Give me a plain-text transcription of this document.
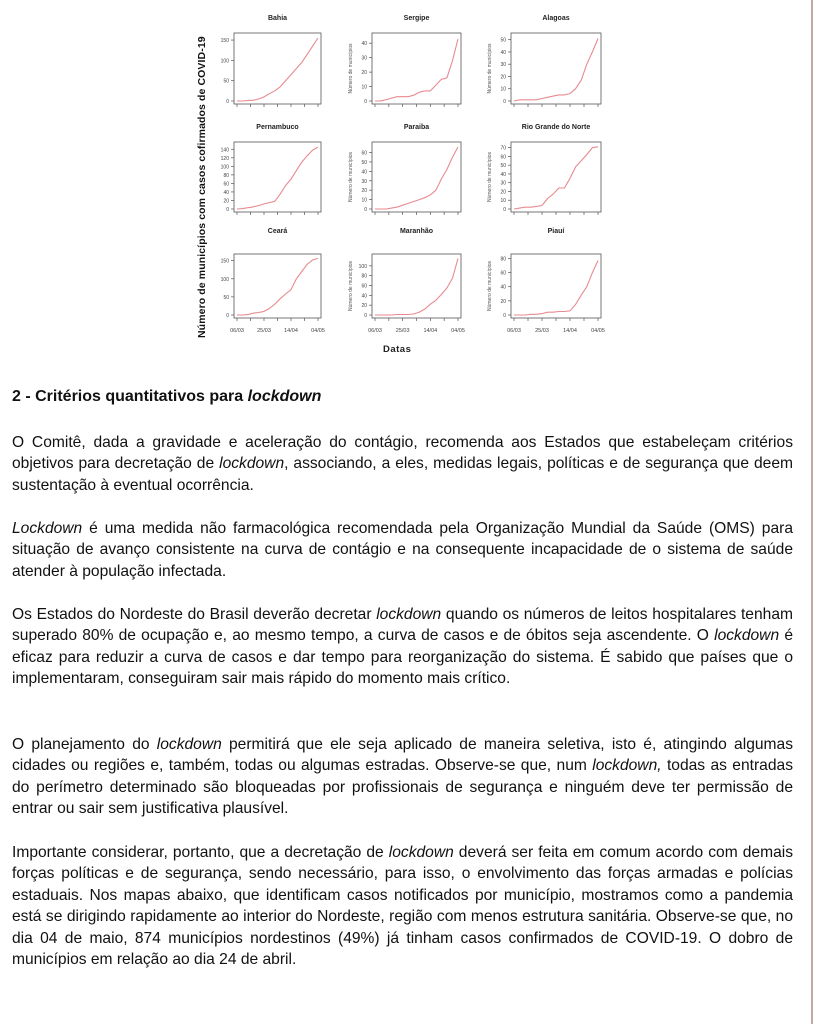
Número de municípios com casos cofirmados de COVID-19
Bahia
0
50
100
150
Sergipe
0
10
20
30
40
Número de municípios
Alagoas
0
10
20
30
40
50
Número de municípios
Pernambuco
0
20
40
60
80
100
120
140
Paraiba
0
10
20
30
40
50
60
Número de municípios
Rio Grande do Norte
0
10
20
30
40
50
60
70
Número de municípios
Ceará
0
50
100
150
06/03 25/03 14/04 04/05
Maranhão
0
20
40
60
80
100
Número de municípios
06/03	25/03	14/04	04/05
Piauí
0
20
40
60
80
Número de municípios
06/03	25/03	14/04	04/05
Datas
2 - Critérios quantitativos para lockdown

O Comitê, dada a gravidade e aceleração do contágio, recomenda aos Estados que estabeleçam critérios objetivos para decretação de lockdown, associando, a eles, medidas legais, políticas e de segurança que deem sustentação à eventual ocorrência.

Lockdown é uma medida não farmacológica recomendada pela Organização Mundial da Saúde (OMS) para situação de avanço consistente na curva de contágio e na consequente incapacidade de o sistema de saúde atender à população infectada.

Os Estados do Nordeste do Brasil deverão decretar lockdown quando os números de leitos hospitalares tenham superado 80% de ocupação e, ao mesmo tempo, a curva de casos e de óbitos seja ascendente. O lockdown é eficaz para reduzir a curva de casos e dar tempo para reorganização do sistema. É sabido que países que o implementaram, conseguiram sair mais rápido do momento mais crítico.

O planejamento do lockdown permitirá que ele seja aplicado de maneira seletiva, isto é, atingindo algumas cidades ou regiões e, também, todas ou algumas estradas. Observe-se que, num lockdown, todas as entradas do perímetro determinado são bloqueadas por profissionais de segurança e ninguém deve ter permissão de entrar ou sair sem justificativa plausível.

Importante considerar, portanto, que a decretação de lockdown deverá ser feita em comum acordo com demais forças políticas e de segurança, sendo necessário, para isso, o envolvimento das forças armadas e polícias estaduais. Nos mapas abaixo, que identificam casos notificados por município, mostramos como a pandemia está se dirigindo rapidamente ao interior do Nordeste, região com menos estrutura sanitária. Observe-se que, no dia 04 de maio, 874 municípios nordestinos (49%) já tinham casos confirmados de COVID-19. O dobro de municípios em relação ao dia 24 de abril.
